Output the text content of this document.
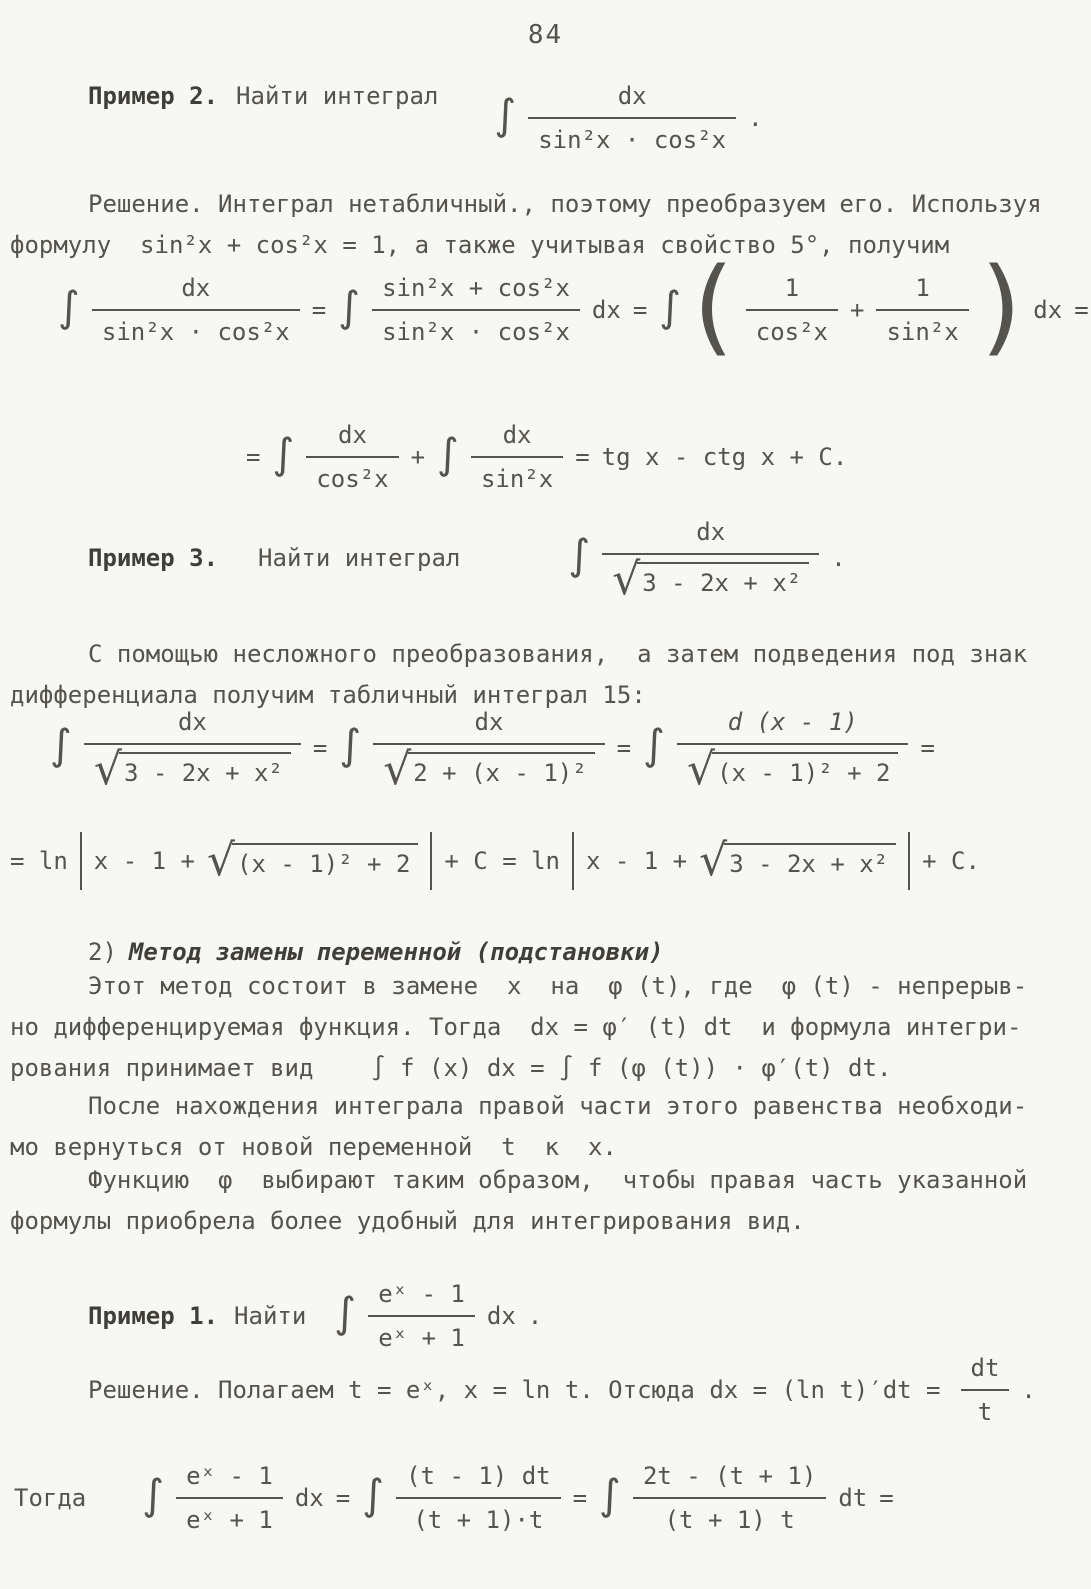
84
Пример 2. Найти интеграл ∫ $\frac{dx}{\text{sin²x · cos²x}}$ .
Решение. Интеграл нетабличный., поэтому преобразуем его. Используя
формулу  sin²x + cos²x = 1, а также учитывая свойство 5°, получим
∫ $\frac{dx}{\text{sin²x · cos²x}}$ = ∫ $\frac{\text{sin²x + cos²x}}{\text{sin²x · cos²x}}$ dx = ∫ ( $\frac{1}{\text{cos²x}} + \frac{1}{\text{sin²x}}$ ) dx =
= ∫ $\frac{dx}{\text{cos²x}}$ + ∫ $\frac{dx}{\text{sin²x}}$ = tg x - ctg x + C.
Пример 3. Найти интеграл	∫ $\frac{dx}{\text{√ 3 - 2x + x²}}$ .
С помощью несложного преобразования,  а затем подведения под знак
дифференциала получим табличный интеграл 15:
∫ $\frac{dx}{\text{√ 3 - 2x + x²}}$ = ∫ $\frac{dx}{\text{√ 2 + (x - 1)²}}$ = ∫ $\frac{d (x - 1)}{\text{√ (x - 1)² + 2}}$ =
= ln x - 1 + √ (x - 1)² + 2	+ C = ln x - 1 + √ 3 - 2x + x²	+ C.
2) Метод замены переменной (подстановки)
Этот метод состоит в замене  x  на  φ (t), где  φ (t) - непрерыв-
но дифференцируемая функция. Тогда  dx = φ′ (t) dt  и формула интегри-
рования принимает вид    ∫ f (x) dx = ∫ f (φ (t)) · φ′(t) dt.
После нахождения интеграла правой части этого равенства необходи-
мо вернуться от новой переменной  t  к  x.
Функцию  φ  выбирают таким образом,  чтобы правая часть указанной
формулы приобрела более удобный для интегрирования вид.
Пример 1. Найти ∫ $\frac{\text{eˣ - 1}}{\text{eˣ + 1}}$ dx .
Решение. Полагаем t = eˣ, x = ln t. Отсюда dx = (ln $t)'dt = \frac{dt}{t}$ .
Тогда ∫ $\frac{\text{eˣ - 1}}{\text{eˣ + 1}}$ dx = ∫ $\frac{(t - 1) dt}{(t + 1)\cdot t}$ = ∫ $\frac{2t - (t + 1)}{(t + 1) t}$ dt =
